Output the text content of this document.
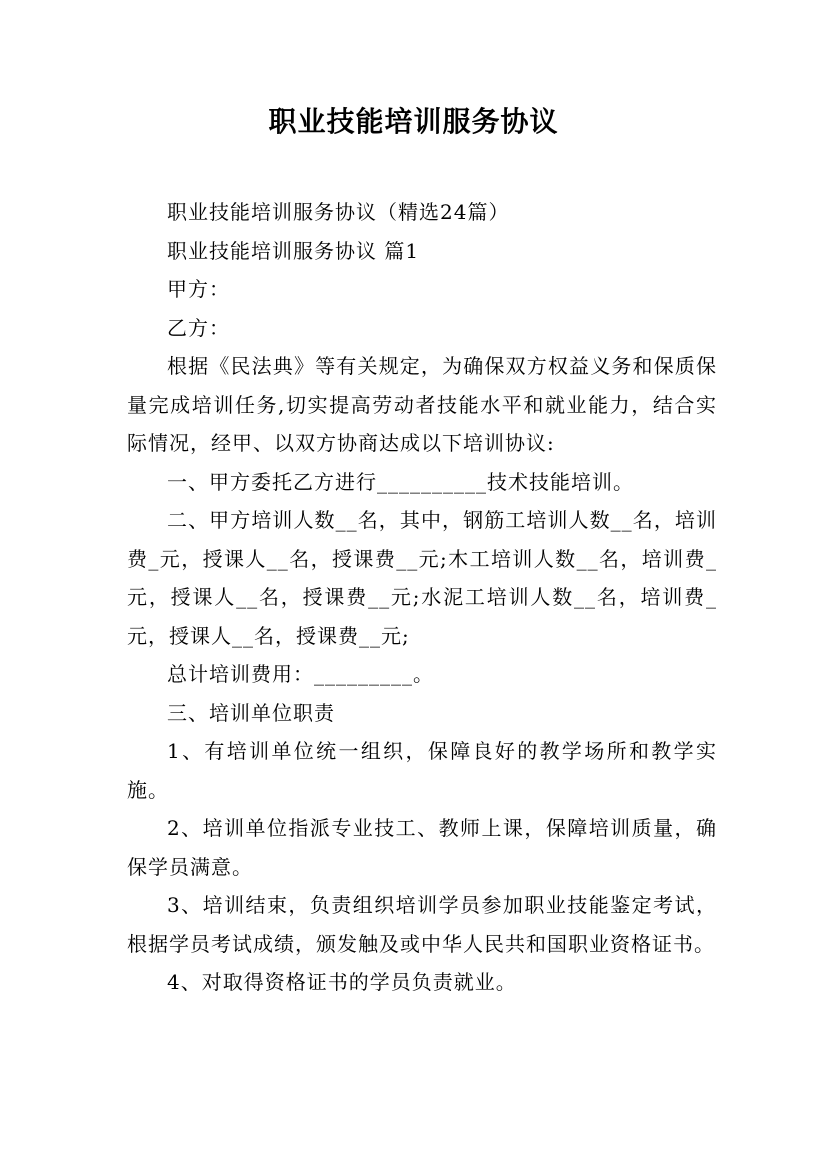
职业技能培训服务协议

职业技能培训服务协议（精选24篇）

职业技能培训服务协议 篇1

甲方：

乙方：

根据《民法典》等有关规定，为确保双方权益义务和保质保量完成培训任务,切实提高劳动者技能水平和就业能力，结合实际情况，经甲、以双方协商达成以下培训协议:

一、甲方委托乙方进行__________技术技能培训。

二、甲方培训人数__名，其中，钢筋工培训人数__名，培训费_元，授课人__名，授课费__元;木工培训人数__名，培训费_元，授课人__名，授课费__元;水泥工培训人数__名，培训费_元，授课人__名，授课费__元;

总计培训费用：_________。

三、培训单位职责

1、有培训单位统一组织，保障良好的教学场所和教学实施。

2、培训单位指派专业技工、教师上课，保障培训质量，确保学员满意。

3、培训结束，负责组织培训学员参加职业技能鉴定考试，根据学员考试成绩，颁发触及或中华人民共和国职业资格证书。

4、对取得资格证书的学员负责就业。
